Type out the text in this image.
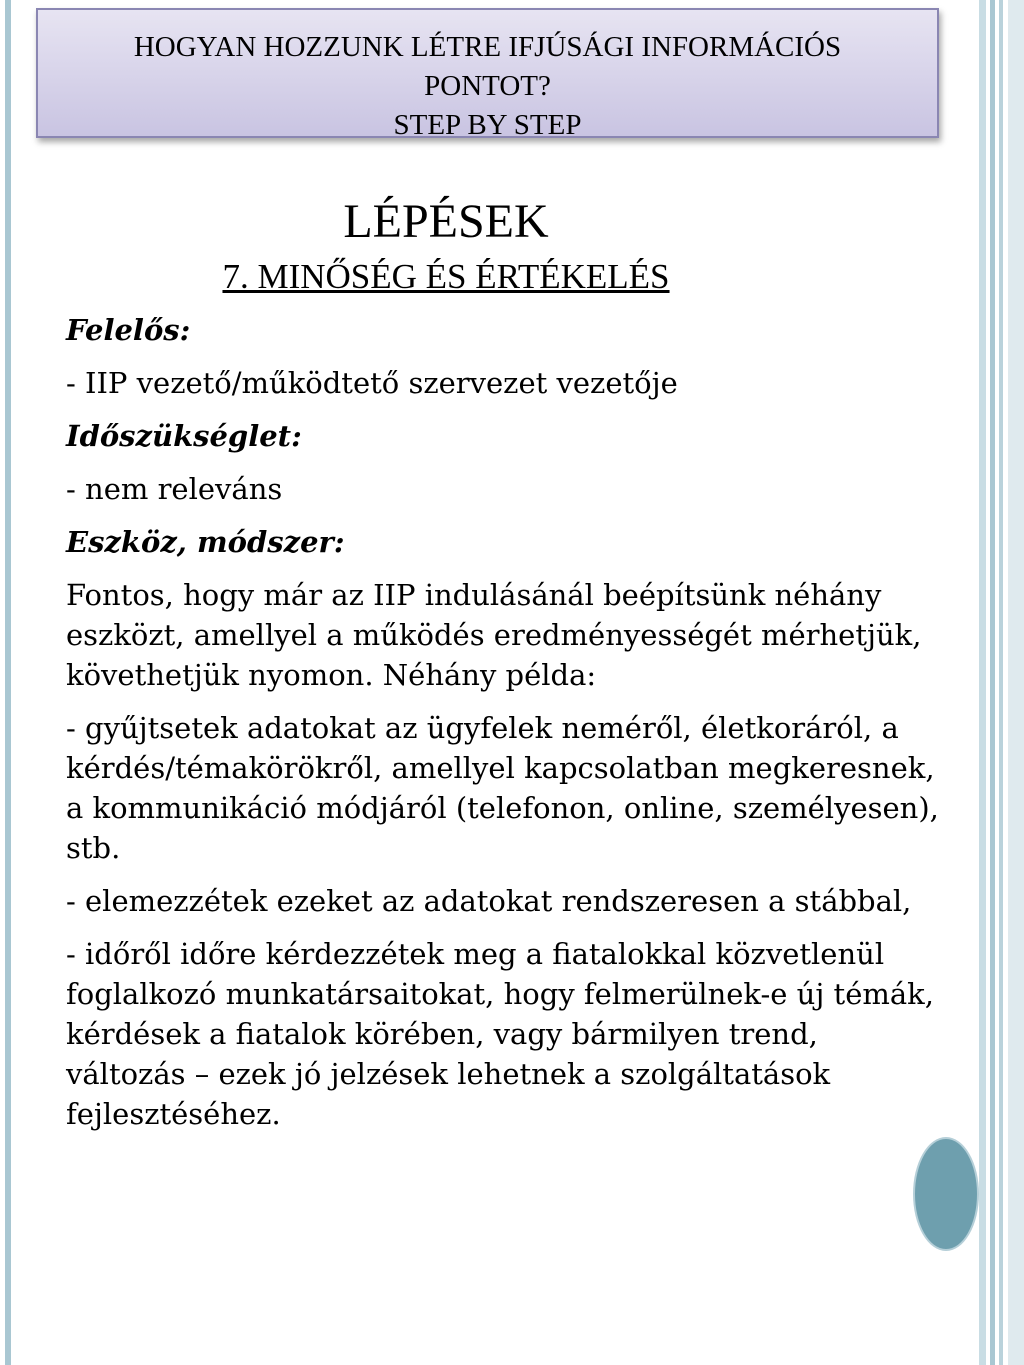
HOGYAN HOZZUNK LÉTRE IFJÚSÁGI INFORMÁCIÓS
PONTOT?
STEP BY STEP
LÉPÉSEK
7. MINŐSÉG ÉS ÉRTÉKELÉS
Felelős:
- IIP vezető/működtető szervezet vezetője
Időszükséglet:
- nem releváns
Eszköz, módszer:
Fontos, hogy már az IIP indulásánál beépítsünk néhány eszközt, amellyel a működés eredményességét mérhetjük, követhetjük nyomon. Néhány példa:
- gyűjtsetek adatokat az ügyfelek neméről, életkoráról, a kérdés/témakörökről, amellyel kapcsolatban megkeresnek, a kommunikáció módjáról (telefonon, online, személyesen), stb.
- elemezzétek ezeket az adatokat rendszeresen a stábbal,
- időről időre kérdezzétek meg a fiatalokkal közvetlenül foglalkozó munkatársaitokat, hogy felmerülnek-e új témák, kérdések a fiatalok körében, vagy bármilyen trend, változás – ezek jó jelzések lehetnek a szolgáltatások fejlesztéséhez.
